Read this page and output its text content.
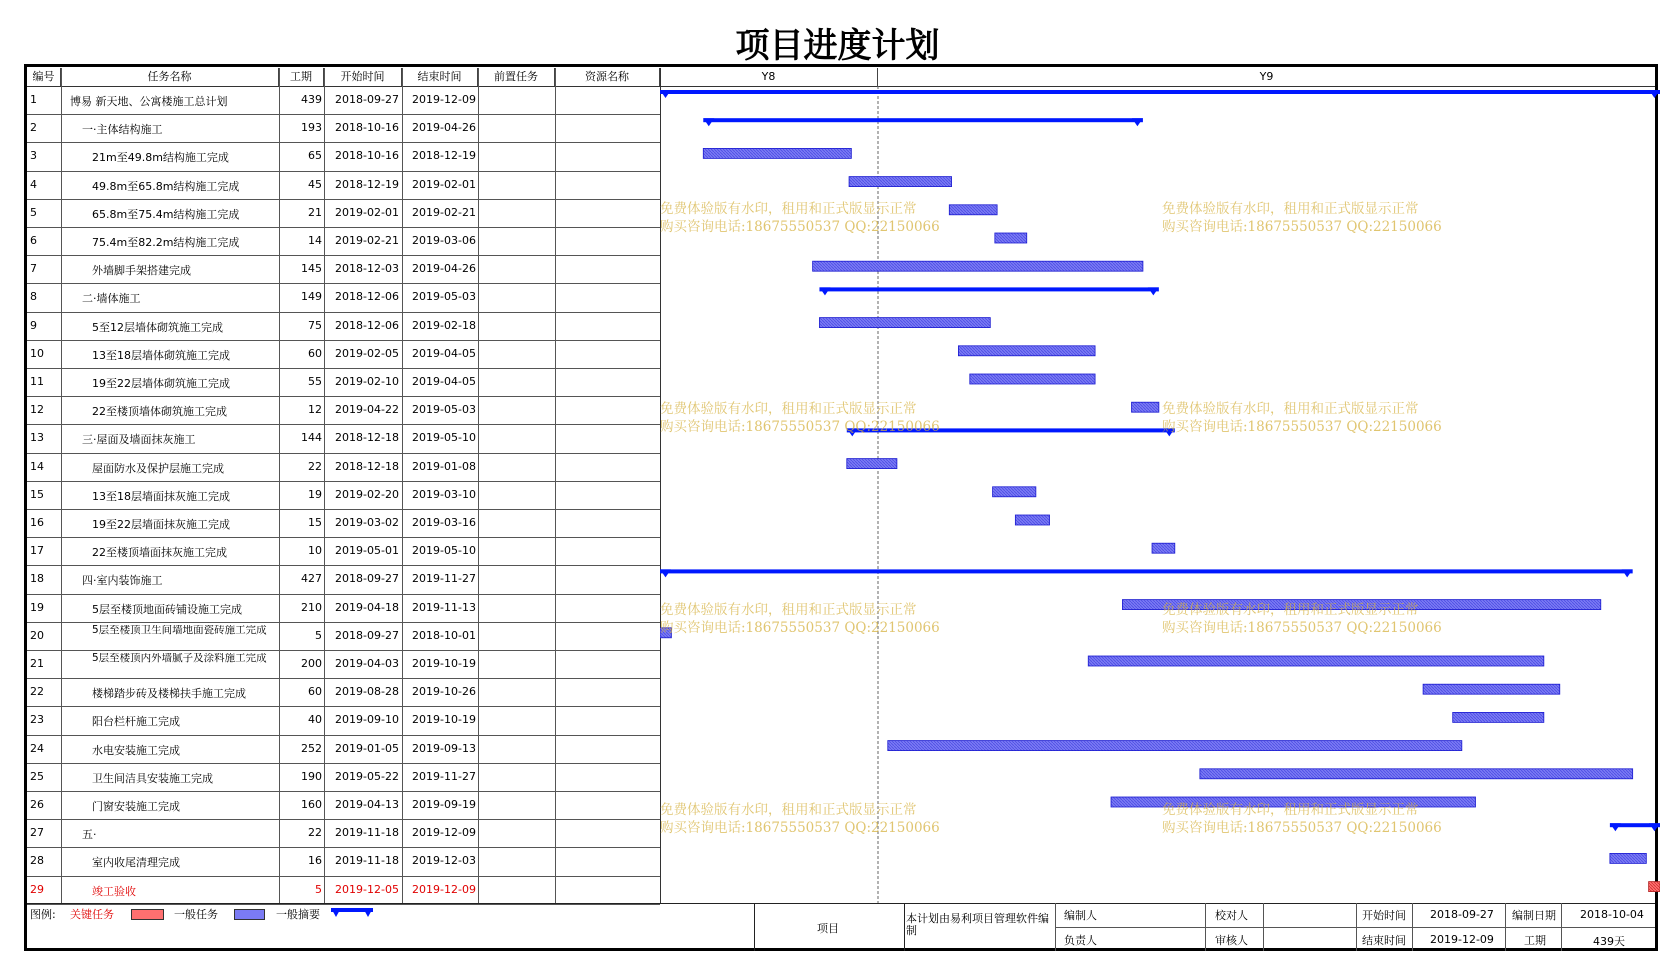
项目进度计划
编号	任务名称	工期	开始时间	结束时间	前置任务	资源名称	Y8	Y9
1	博易 新天地、公寓楼施工总计划	439 2018-09-27 2019-12-09
2	一·主体结构施工	193 2018-10-16 2019-04-26
3	21m至49.8m结构施工完成	65 2018-10-16 2018-12-19
4	49.8m至65.8m结构施工完成	45 2018-12-19 2019-02-01
5	65.8m至75.4m结构施工完成	21 2019-02-01 2019-02-21
6	75.4m至82.2m结构施工完成	14 2019-02-21 2019-03-06
7	外墙脚手架搭建完成	145 2018-12-03 2019-04-26
8	二·墙体施工	149 2018-12-06 2019-05-03
9	5至12层墙体砌筑施工完成	75 2018-12-06 2019-02-18
10	13至18层墙体砌筑施工完成	60 2019-02-05 2019-04-05
11	19至22层墙体砌筑施工完成	55 2019-02-10 2019-04-05
12	22至楼顶墙体砌筑施工完成	12 2019-04-22 2019-05-03
13	三·屋面及墙面抹灰施工	144 2018-12-18 2019-05-10
14	屋面防水及保护层施工完成	22 2018-12-18 2019-01-08
15	13至18层墙面抹灰施工完成	19 2019-02-20 2019-03-10
16	19至22层墙面抹灰施工完成	15 2019-03-02 2019-03-16
17	22至楼顶墙面抹灰施工完成	10 2019-05-01 2019-05-10
18	四·室内装饰施工	427 2018-09-27 2019-11-27
19	5层至楼顶地面砖铺设施工完成	210 2019-04-18 2019-11-13
20	5层至楼顶卫生间墙地面瓷砖施工完成	5 2018-09-27 2018-10-01
21	5层至楼顶内外墙腻子及涂料施工完成	200 2019-04-03 2019-10-19
22	楼梯踏步砖及楼梯扶手施工完成	60 2019-08-28 2019-10-26
23	阳台栏杆施工完成	40 2019-09-10 2019-10-19
24	水电安装施工完成	252 2019-01-05 2019-09-13
25	卫生间洁具安装施工完成	190 2019-05-22 2019-11-27
26	门窗安装施工完成	160 2019-04-13 2019-09-19
27	五·	22 2019-11-18 2019-12-09
28	室内收尾清理完成	16 2019-11-18 2019-12-03
29	竣工验收	5 2019-12-05 2019-12-09
免费体验版有水印，租用和正式版显示正常
购买咨询电话:18675550537 QQ:22150066
免费体验版有水印，租用和正式版显示正常
购买咨询电话:18675550537 QQ:22150066
免费体验版有水印，租用和正式版显示正常
购买咨询电话:18675550537 QQ:22150066
免费体验版有水印，租用和正式版显示正常
购买咨询电话:18675550537 QQ:22150066
免费体验版有水印，租用和正式版显示正常
购买咨询电话:18675550537 QQ:22150066
免费体验版有水印，租用和正式版显示正常
购买咨询电话:18675550537 QQ:22150066
免费体验版有水印，租用和正式版显示正常
购买咨询电话:18675550537 QQ:22150066
免费体验版有水印，租用和正式版显示正常
购买咨询电话:18675550537 QQ:22150066
图例: 关键任务	一般任务	一般摘要
项目
本计划由易利项目管理软件编制
编制人
负责人
校对人
审核人
开始时间 2018-09-27
结束时间 2019-12-09
编制日期 2018-10-04
工期	439天
